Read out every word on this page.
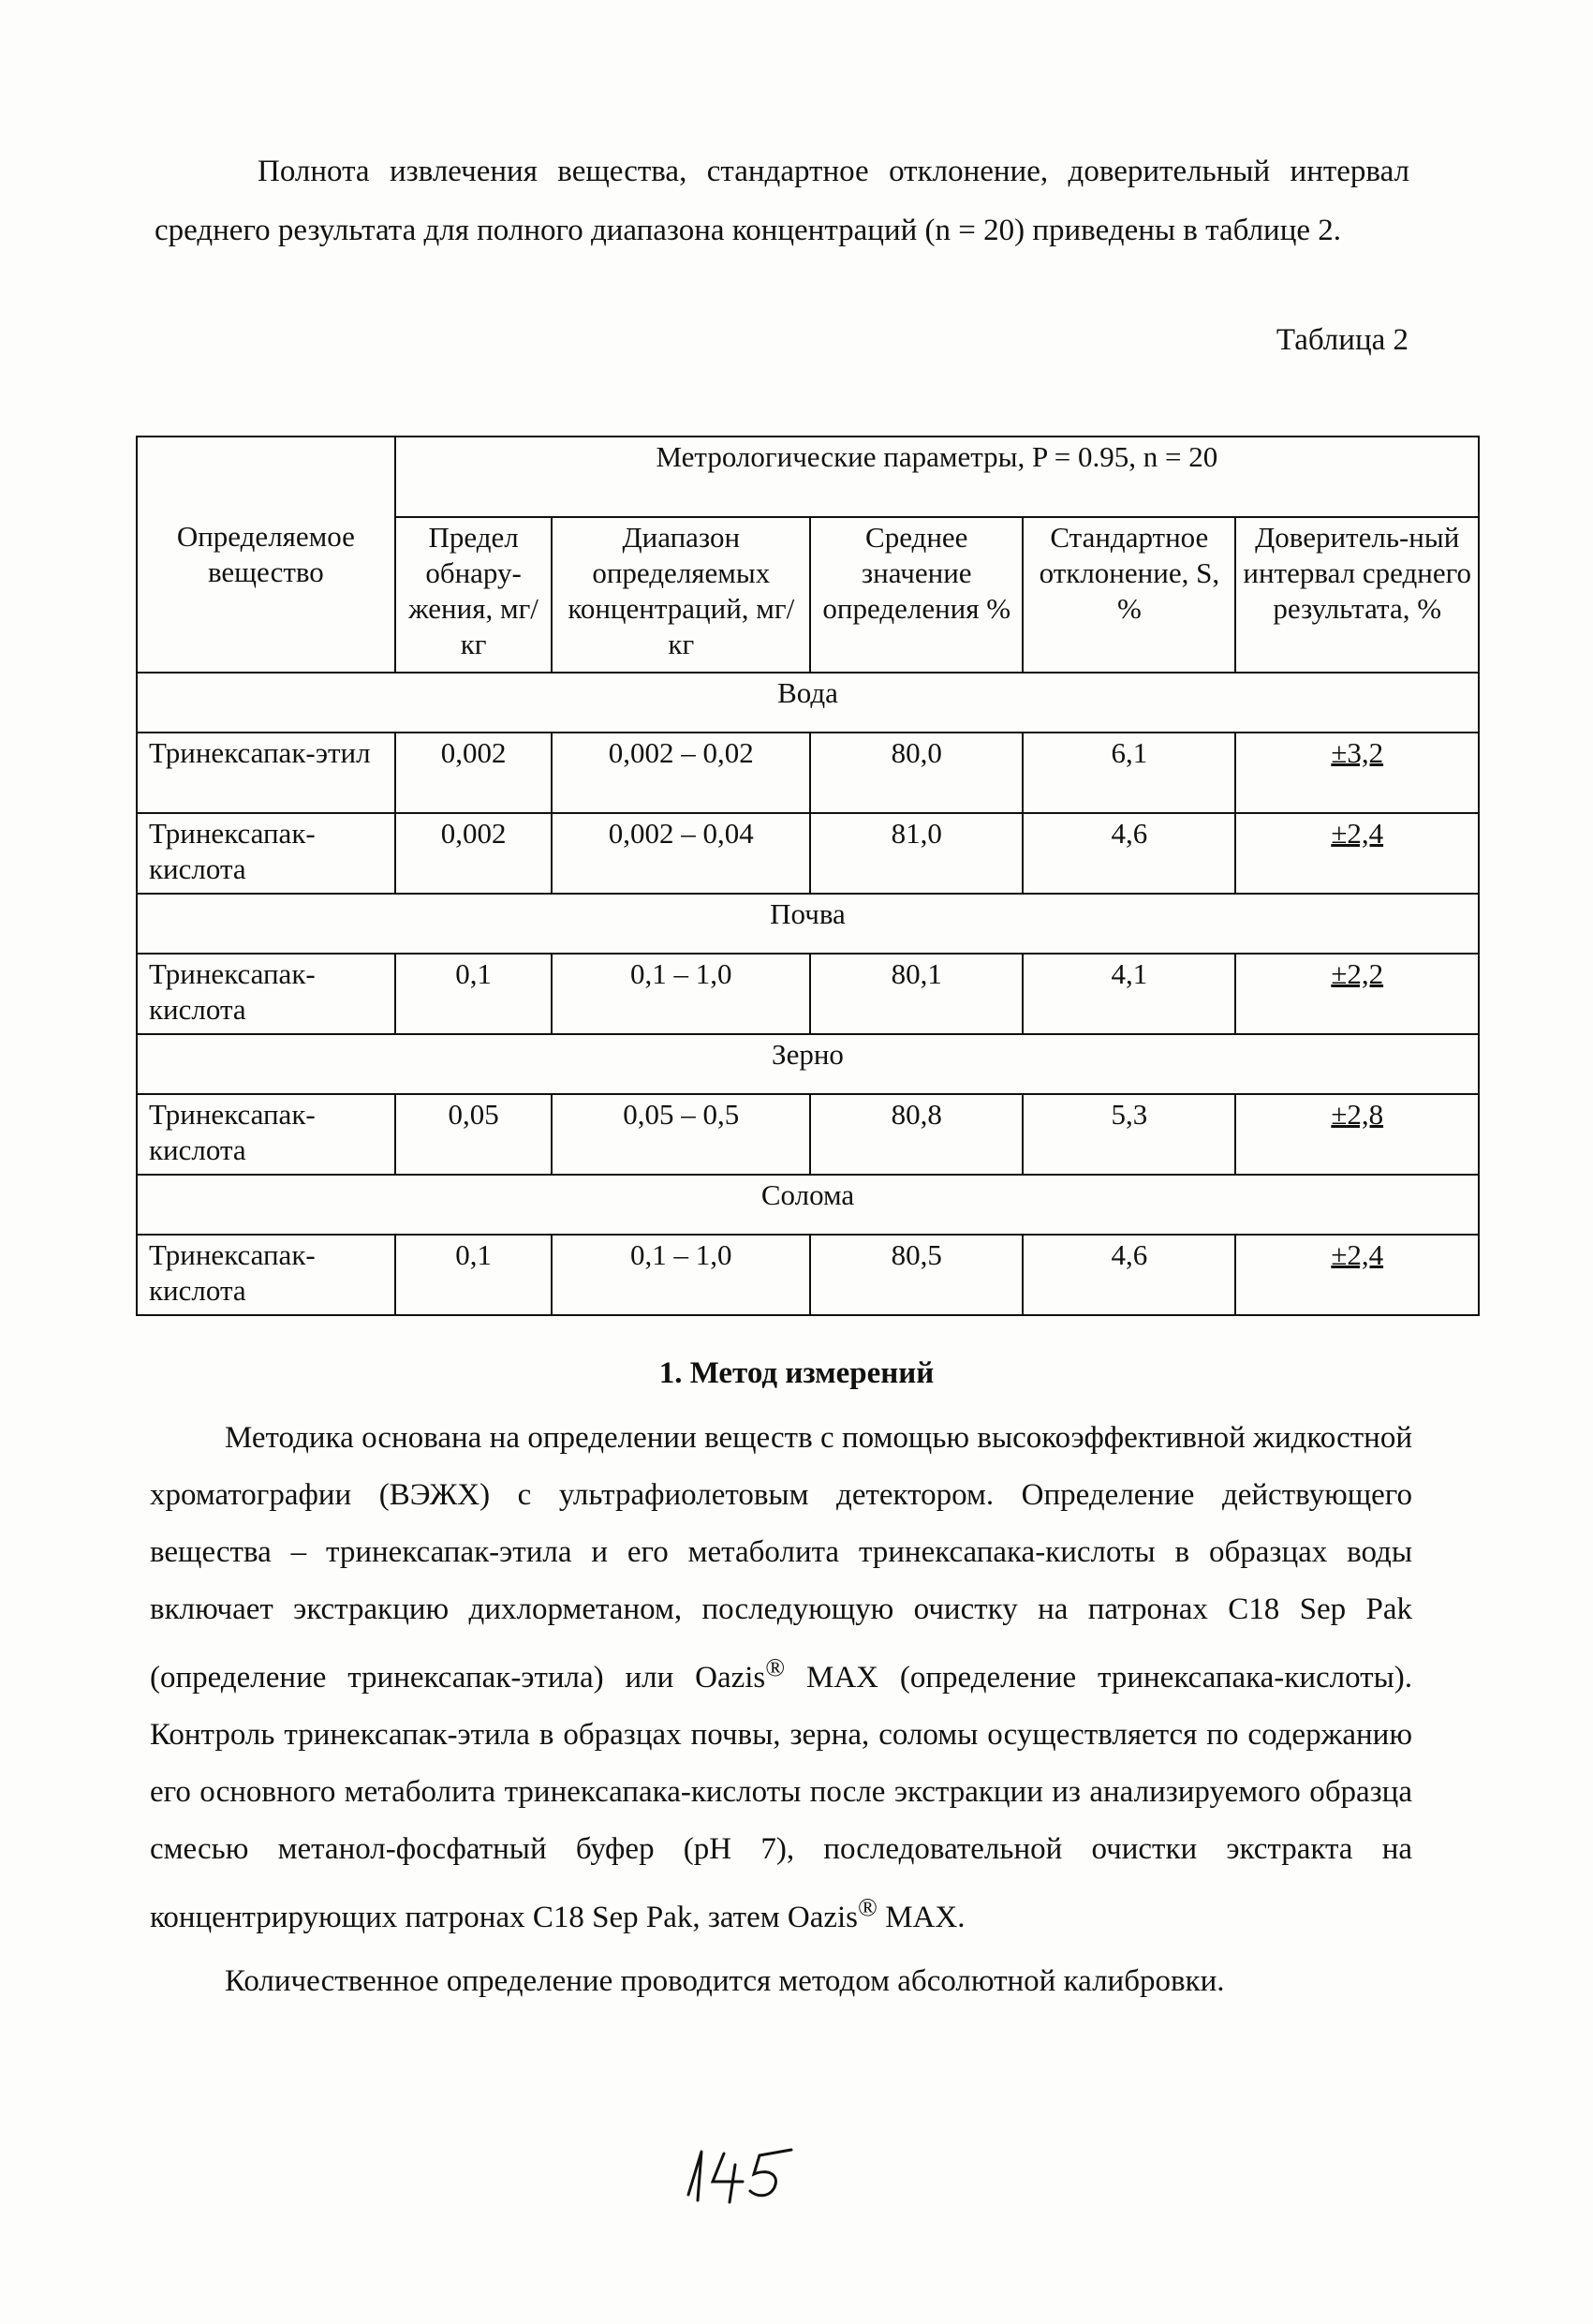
Полнота извлечения вещества, стандартное отклонение, доверительный интервал среднего результата для полного диапазона концентраций (n = 20) приведены в таблице 2.

Таблица 2

Определяемое вещество	Метрологические параметры, P = 0.95, n = 20				
	Предел обнару-жения, мг/кг	Диапазон определяемых концентраций, мг/кг	Среднее значение определения %	Стандартное отклонение, S, %	Доверитель-ный интервал среднего результата, %
Вода					
Тринексапак-этил	0,002	0,002 – 0,02	80,0	6,1	±3,2
Тринексапак-кислота	0,002	0,002 – 0,04	81,0	4,6	±2,4
Почва					
Тринексапак-кислота	0,1	0,1 – 1,0	80,1	4,1	±2,2
Зерно					
Тринексапак-кислота	0,05	0,05 – 0,5	80,8	5,3	±2,8
Солома					
Тринексапак-кислота	0,1	0,1 – 1,0	80,5	4,6	±2,4
1. Метод измерений

Методика основана на определении веществ с помощью высокоэффективной жидкостной хроматографии (ВЭЖХ) с ультрафиолетовым детектором. Определение действующего вещества – тринексапак-этила и его метаболита тринексапака-кислоты в образцах воды включает экстракцию дихлорметаном, последующую очистку на патронах C18 Sep Pak (определение тринексапак-этила) или Oazis® MAX (определение тринексапака-кислоты). Контроль тринексапак-этила в образцах почвы, зерна, соломы осуществляется по содержанию его основного метаболита тринексапака-кислоты после экстракции из анализируемого образца смесью метанол-фосфатный буфер (pH 7), последовательной очистки экстракта на концентрирующих патронах C18 Sep Pak, затем Oazis® MAX.

Количественное определение проводится методом абсолютной калибровки.
